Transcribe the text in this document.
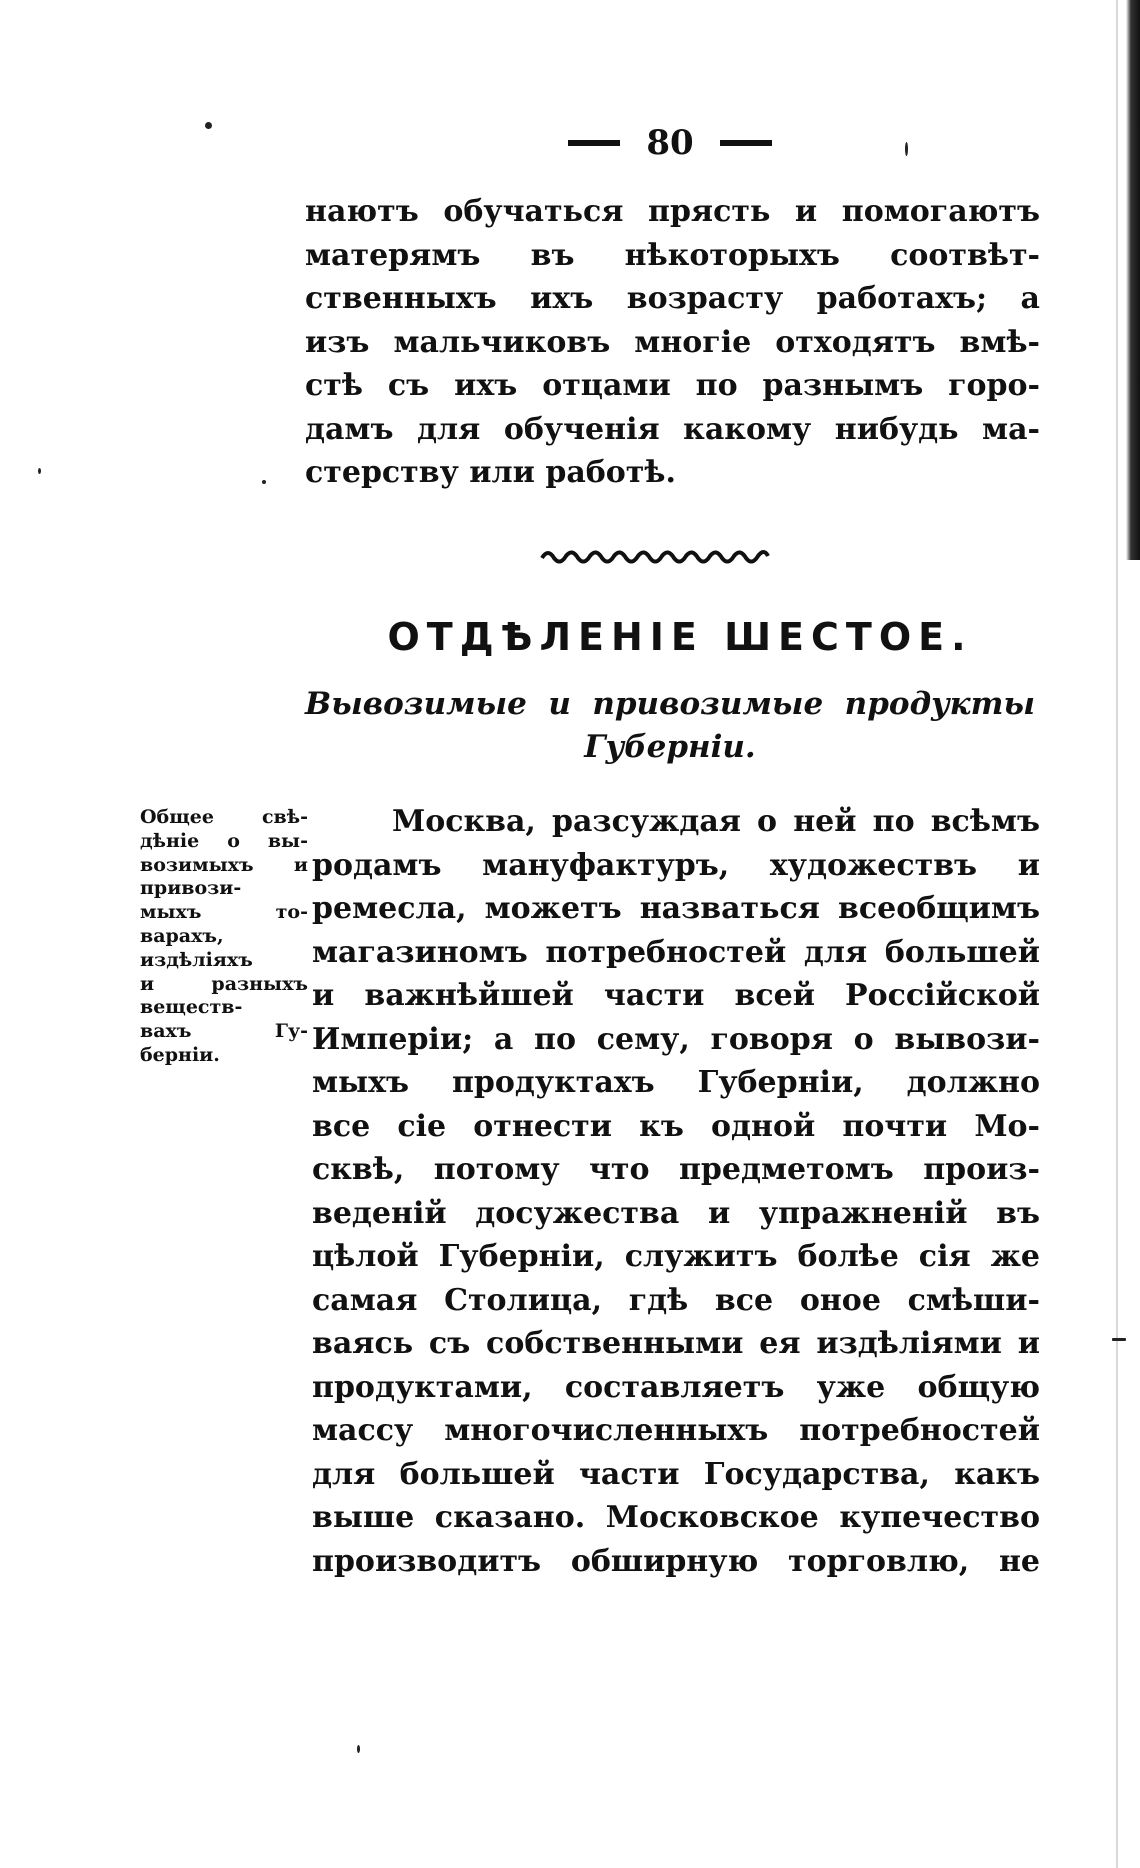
80
наютъ обучаться прясть и помогаютъ
матерямъ въ нѣкоторыхъ соотвѣт-
ственныхъ ихъ возрасту работахъ; а
изъ мальчиковъ многіе отходятъ вмѣ-
стѣ съ ихъ отцами по разнымъ горо-
дамъ для обученія какому нибудь ма-
стерству или работѣ.
ОТДѢЛЕНІЕ ШЕСТОЕ.
Вывозимые и привозимые продукты
Губерніи.
Общее свѣ-
дѣніе о вы-
возимыхъ и
привози-
мыхъ то-
варахъ,
издѣліяхъ
и разныхъ
веществ-
вахъ Гу-
берніи.
Москва, разсуждая о ней по всѣмъ
родамъ мануфактуръ, художествъ и
ремесла, можетъ назваться всеобщимъ
магазиномъ потребностей для большей
и важнѣйшей части всей Россійской
Имперіи; а по сему, говоря о вывози-
мыхъ продуктахъ Губерніи, должно
все сіе отнести къ одной почти Мо-
сквѣ, потому что предметомъ произ-
веденій досужества и упражненій въ
цѣлой Губерніи, служитъ болѣе сія же
самая Столица, гдѣ все оное смѣши-
ваясь съ собственными ея издѣліями и
продуктами, составляетъ уже общую
массу многочисленныхъ потребностей
для большей части Государства, какъ
выше сказано. Московское купечество
производитъ обширную торговлю, не
